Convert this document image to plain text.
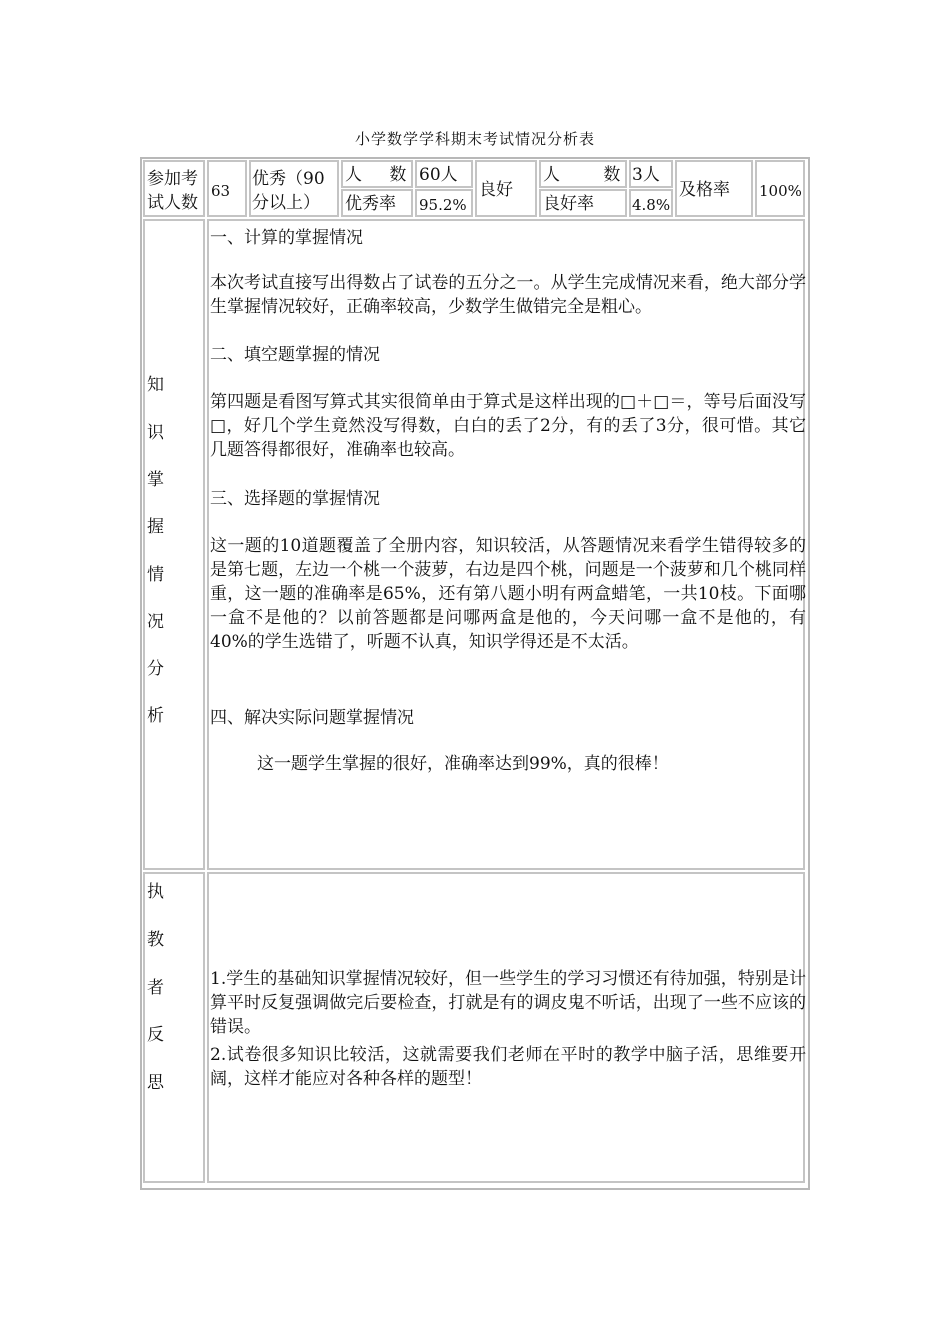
小学数学学科期末考试情况分析表
参加考试人数
63
优秀（90分以上）
人 数
优秀率
60人
95.2%
良好
人 数
良好率
3人
4.8%
及格率 100%
知
识
掌
握
情
况
分
析
一、计算的掌握情况
本次考试直接写出得数占了试卷的五分之一。从学生完成情况来看，绝大部分学生掌握情况较好，正确率较高，少数学生做错完全是粗心。
二、填空题掌握的情况
第四题是看图写算式其实很简单由于算式是这样出现的□＋□＝，等号后面没写□，好几个学生竟然没写得数，白白的丢了2分，有的丢了3分，很可惜。其它几题答得都很好，准确率也较高。
三、选择题的掌握情况
这一题的10道题覆盖了全册内容，知识较活，从答题情况来看学生错得较多的是第七题，左边一个桃一个菠萝，右边是四个桃，问题是一个菠萝和几个桃同样重，这一题的准确率是65%，还有第八题小明有两盒蜡笔，一共10枝。下面哪一盒不是他的？以前答题都是问哪两盒是他的，今天问哪一盒不是他的，有40%的学生选错了，听题不认真，知识学得还是不太活。
四、解决实际问题掌握情况
这一题学生掌握的很好，准确率达到99%，真的很棒！
执
教
者
反
思
1.学生的基础知识掌握情况较好，但一些学生的学习习惯还有待加强，特别是计算平时反复强调做完后要检查，打就是有的调皮鬼不听话，出现了一些不应该的错误。
2.试卷很多知识比较活，这就需要我们老师在平时的教学中脑子活，思维要开阔，这样才能应对各种各样的题型！
